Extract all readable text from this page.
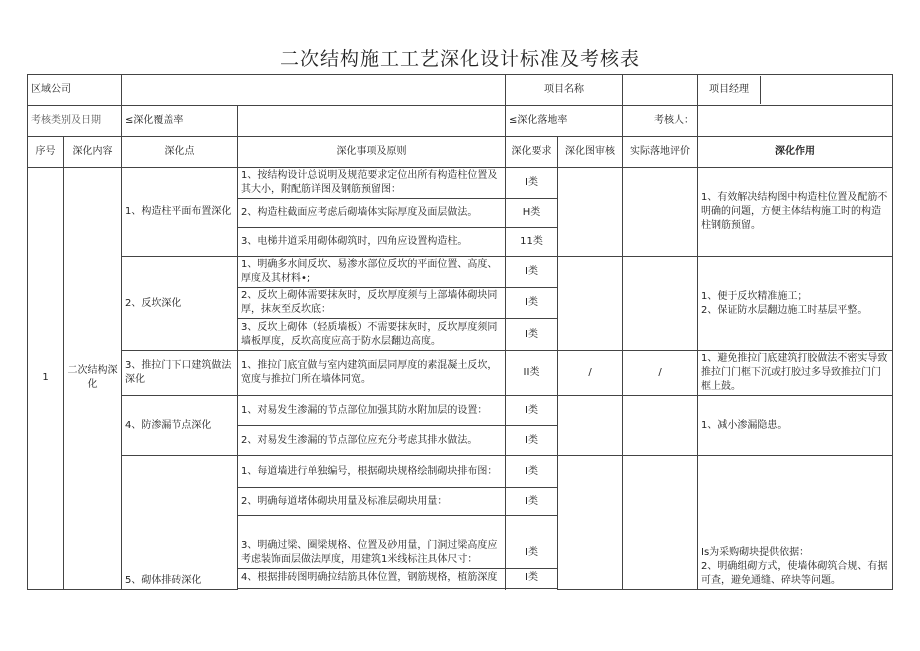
二次结构施工工艺深化设计标准及考核表
区域公司				项目名称			项目经理
考核类别及日期		≤深化覆盖率		≤深化落地率		考核人：	
序号	深化内容	深化点	深化事项及原则	深化要求	深化图审核	实际落地评价	深化作用
1	二次结构深化	1、构造柱平面布置深化	1、按结构设计总说明及规范要求定位出所有构造柱位置及其大小，附配筋详图及钢筋预留图：	I类			1、有效解决结构图中构造柱位置及配筋不明确的问题，方便主体结构施工时的构造柱钢筋预留。
			2、构造柱截面应考虑后砌墙体实际厚度及面层做法。	H类			
			3、电梯井道采用砌体砌筑时，四角应设置构造柱。	11类			
		2、反坎深化	1、明确多水间反坎、易渗水部位反坎的平面位置、高度、厚度及其材料•;	I类			1、便于反坎精准施工；
2、保证防水层翻边施工时基层平整。
			2、反坎上砌体需要抹灰时，反坎厚度须与上部墙体砌块同厚，抹灰至反坎底：	I类			
			3、反坎上砌体（轻质墙板）不需要抹灰时，反坎厚度须同墙板厚度，反坎高度应高于防水层翻边高度。	I类			
		3、推拉门下口建筑做法深化	1、推拉门底宜做与室内建筑面层同厚度的素混凝土反坎，宽度与推拉门所在墙体同宽。	II类	/	/	1、避免推拉门底建筑打胶做法不密实导致推拉门门框下沉或打胶过多导致推拉门门框上鼓。
		4、防渗漏节点深化	1、对易发生渗漏的节点部位加强其防水附加层的设置：	I类			1、减小渗漏隐患。
			2、对易发生渗漏的节点部位应充分考虑其排水做法。	I类			
		5、砌体排砖深化	1、每道墙进行单独编号，根据砌块规格绘制砌块排布图：	I类			Is为采购砌块提供依据：
2、明确组砌方式，使墙体砌筑合规、有据可查，避免通缝、碎块等问题。
			2、明确每道堵体砌块用量及标准层砌块用量：	I类			

			3、明确过梁、圈梁规格、位置及砂用量，门洞过梁高度应考虑装饰面层做法厚度，用建筑1米线标注具体尺寸：	I类			
			4、根据排砖图明确拉结筋具体位置，钢筋规格，植筋深度	I类			
